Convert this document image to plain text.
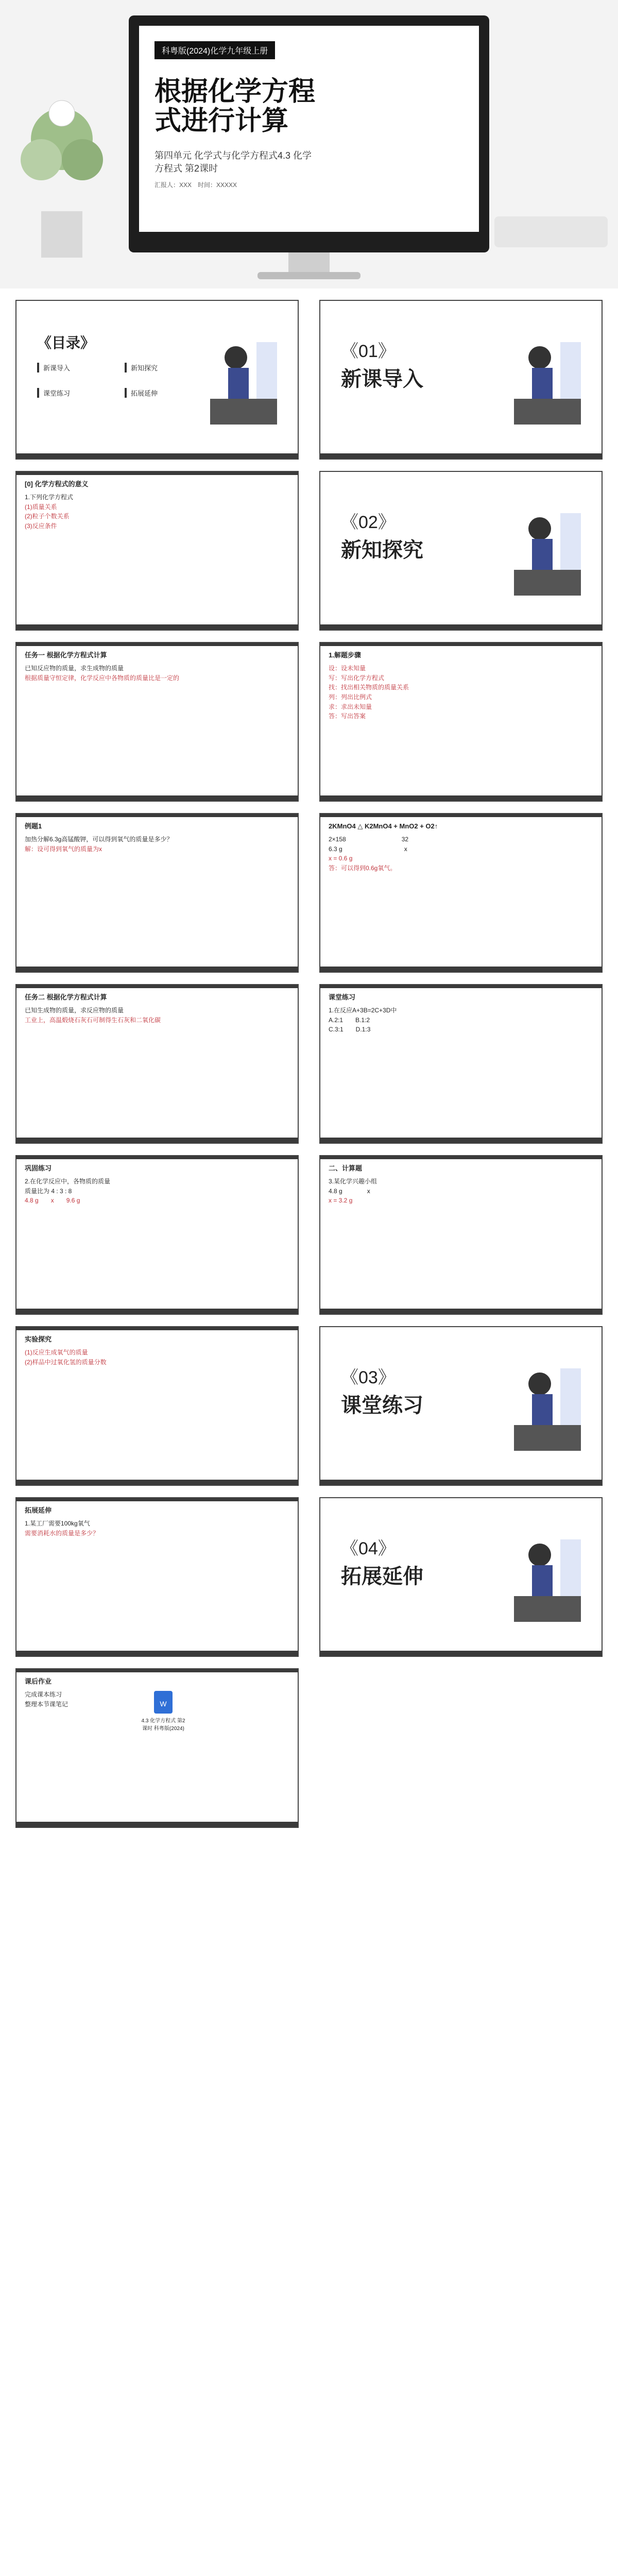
科粤版(2024)化学九年级上册
根据化学方程式进行计算
第四单元 化学式与化学方程式4.3 化学方程式 第2课时
汇报人：XXX　时间：XXXXX
《目录》
新课导入	新知探究
课堂练习	拓展延伸
《01》
新课导入
[0] 化学方程式的意义
1.下列化学方程式
(1)质量关系
(2)粒子个数关系
(3)反应条件	《02》
新知探究
任务一 根据化学方程式计算
已知反应物的质量，求生成物的质量
根据质量守恒定律，化学反应中各物质的质量比是一定的
1.解题步骤
设：设未知量
写：写出化学方程式
找：找出相关物质的质量关系
列：列出比例式
求：求出未知量
答：写出答案
例题1
加热分解6.3g高锰酸钾，可以得到氧气的质量是多少？
解：设可得到氧气的质量为x
2KMnO4 △ K2MnO4 + MnO2 + O2↑
2×158　　　　　　　　　32
6.3 g　　　　　　　　　　x
x = 0.6 g
答：可以得到0.6g氧气。
任务二 根据化学方程式计算
已知生成物的质量，求反应物的质量
工业上，高温煅烧石灰石可制得生石灰和二氧化碳
课堂练习
1.在反应A+3B=2C+3D中
A.2:1　　B.1:2
C.3:1　　D.1:3
巩固练习
2.在化学反应中，各物质的质量
质量比为 4 : 3 : 8
4.8 g　　x　　9.6 g
二、计算题
3.某化学兴趣小组
4.8 g　　　　x
x = 3.2 g
实验探究
(1)反应生成氧气的质量
(2)样品中过氧化氢的质量分数
《03》
课堂练习
拓展延伸
1.某工厂需要100kg氧气
需要消耗水的质量是多少？
《04》
拓展延伸
课后作业
完成课本练习
整理本节课笔记	W
4.3 化学方程式 第2课时 科粤版(2024)
